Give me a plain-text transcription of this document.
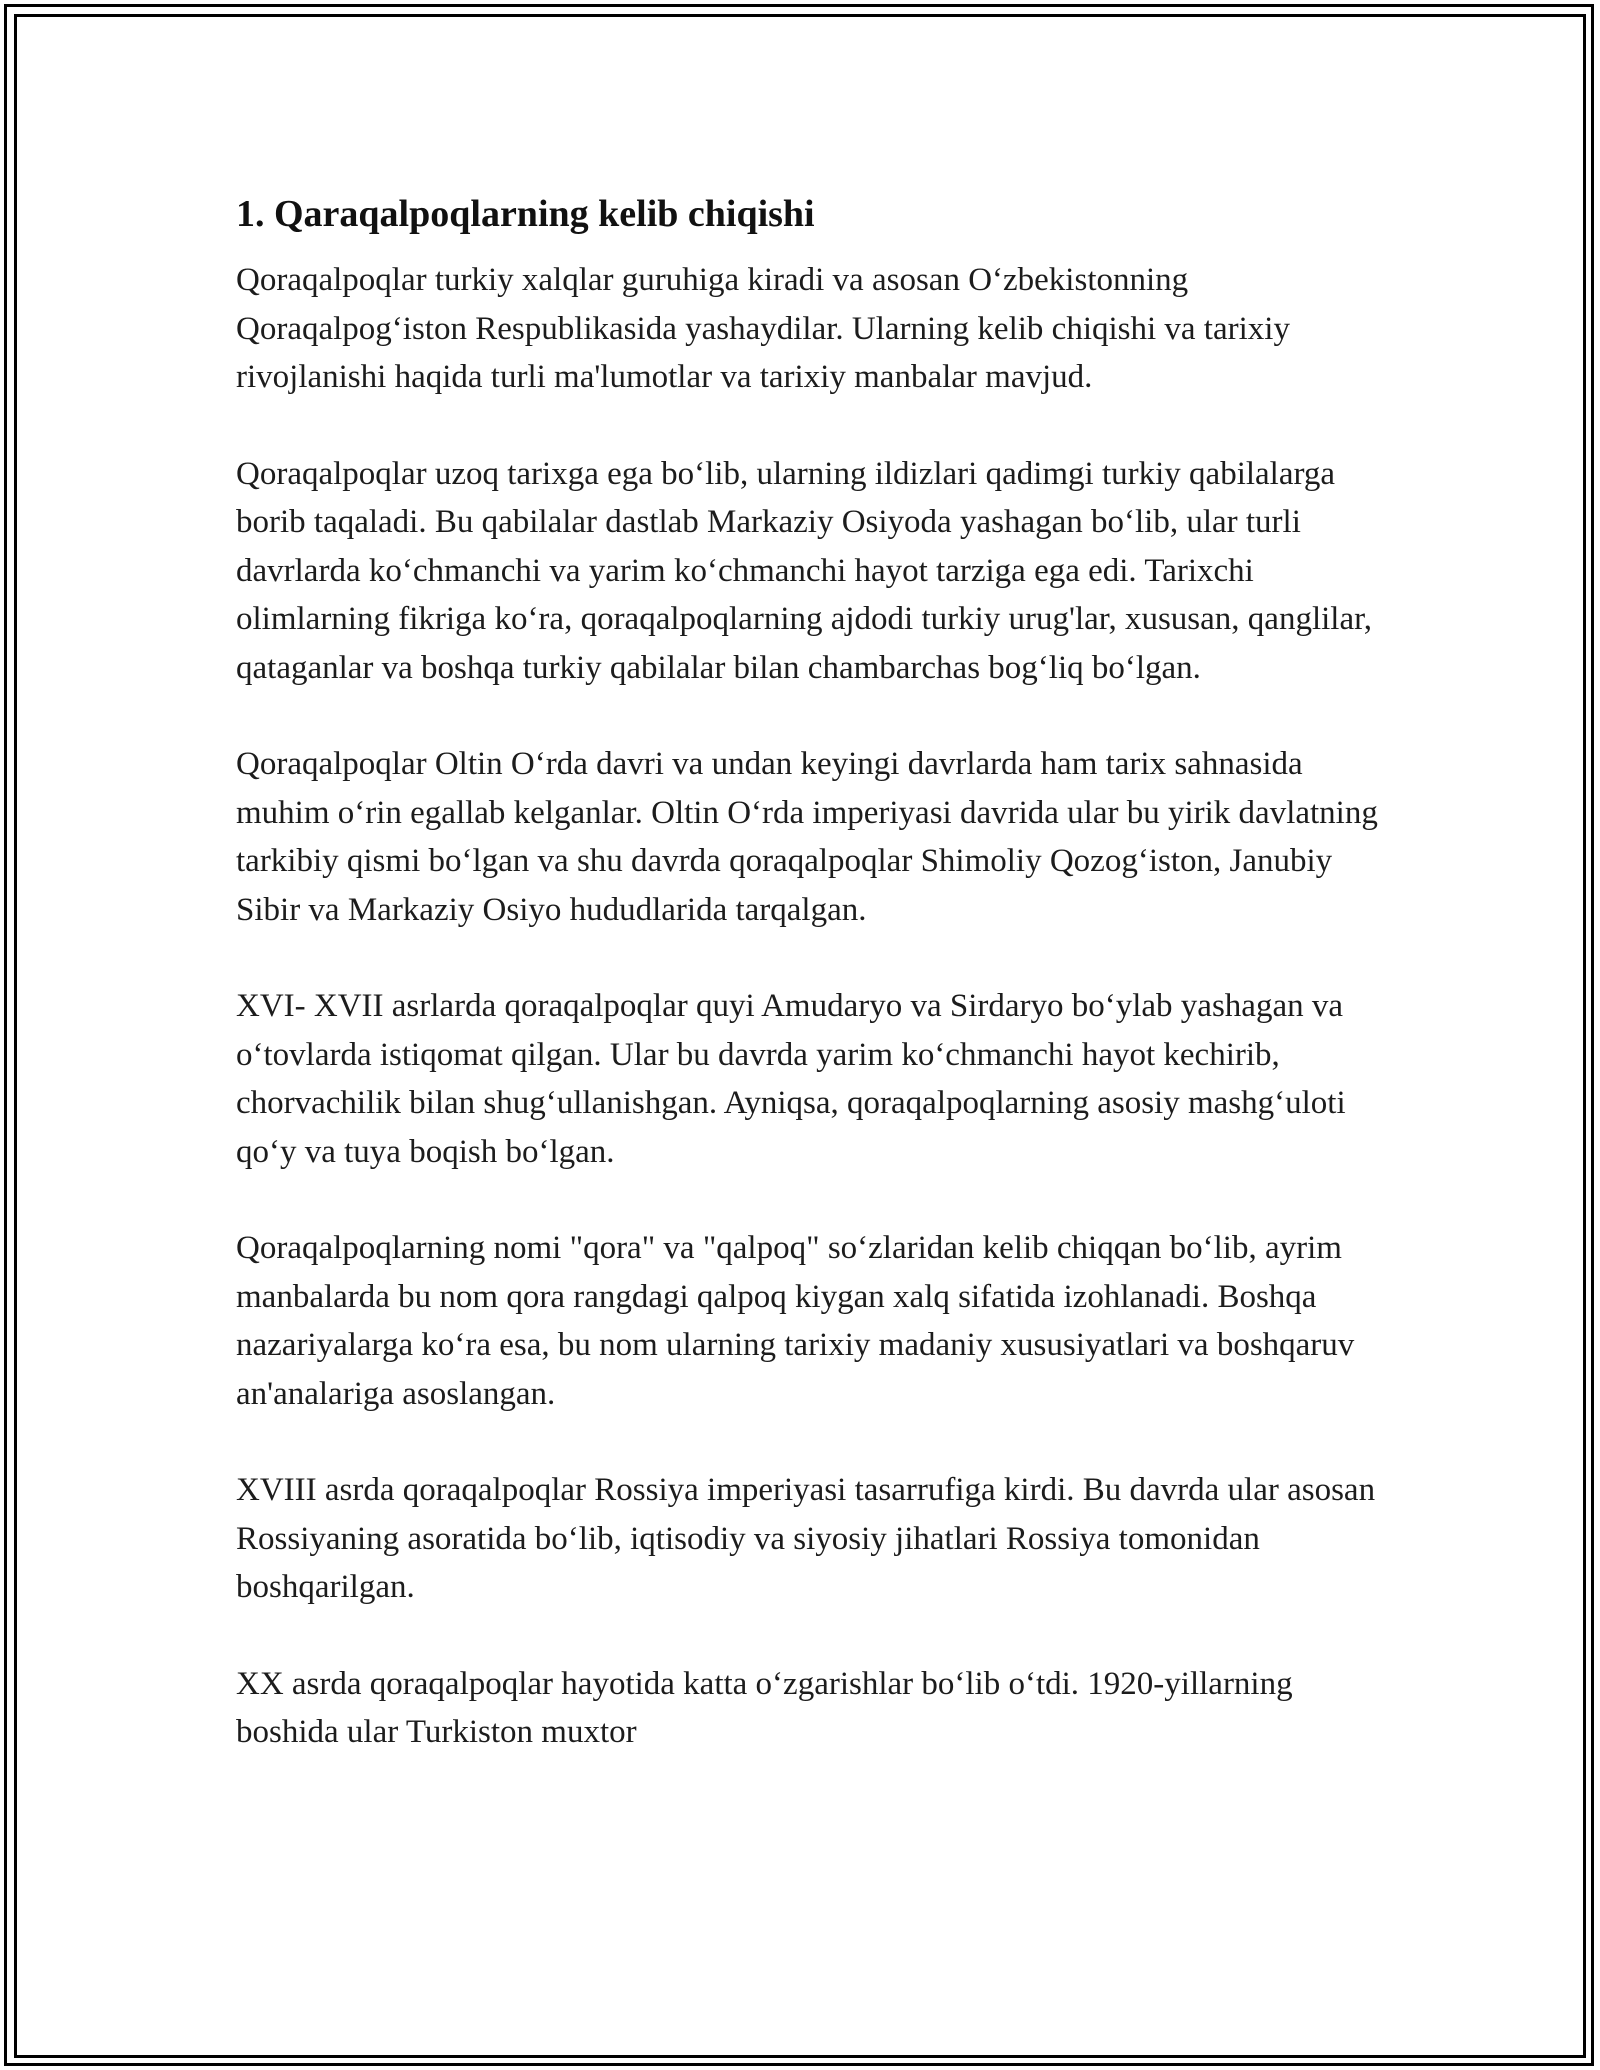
1. Qaraqalpoqlarning kelib chiqishi

Qoraqalpoqlar turkiy xalqlar guruhiga kiradi va asosan O‘zbekistonning Qoraqalpog‘iston Respublikasida yashaydilar. Ularning kelib chiqishi va tarixiy rivojlanishi haqida turli ma'lumotlar va tarixiy manbalar mavjud.

Qoraqalpoqlar uzoq tarixga ega bo‘lib, ularning ildizlari qadimgi turkiy qabilalarga borib taqaladi. Bu qabilalar dastlab Markaziy Osiyoda yashagan bo‘lib, ular turli davrlarda ko‘chmanchi va yarim ko‘chmanchi hayot tarziga ega edi. Tarixchi olimlarning fikriga ko‘ra, qoraqalpoqlarning ajdodi turkiy urug'lar, xususan, qanglilar, qataganlar va boshqa turkiy qabilalar bilan chambarchas bog‘liq bo‘lgan.

Qoraqalpoqlar Oltin O‘rda davri va undan keyingi davrlarda ham tarix sahnasida muhim o‘rin egallab kelganlar. Oltin O‘rda imperiyasi davrida ular bu yirik davlatning tarkibiy qismi bo‘lgan va shu davrda qoraqalpoqlar Shimoliy Qozog‘iston, Janubiy Sibir va Markaziy Osiyo hududlarida tarqalgan.

XVI- XVII asrlarda qoraqalpoqlar quyi Amudaryo va Sirdaryo bo‘ylab yashagan va o‘tovlarda istiqomat qilgan. Ular bu davrda yarim ko‘chmanchi hayot kechirib, chorvachilik bilan shug‘ullanishgan. Ayniqsa, qoraqalpoqlarning asosiy mashg‘uloti qo‘y va tuya boqish bo‘lgan.

Qoraqalpoqlarning nomi "qora" va "qalpoq" so‘zlaridan kelib chiqqan bo‘lib, ayrim manbalarda bu nom qora rangdagi qalpoq kiygan xalq sifatida izohlanadi. Boshqa nazariyalarga ko‘ra esa, bu nom ularning tarixiy madaniy xususiyatlari va boshqaruv an'analariga asoslangan.

XVIII asrda qoraqalpoqlar Rossiya imperiyasi tasarrufiga kirdi. Bu davrda ular asosan Rossiyaning asoratida bo‘lib, iqtisodiy va siyosiy jihatlari Rossiya tomonidan boshqarilgan.

XX asrda qoraqalpoqlar hayotida katta o‘zgarishlar bo‘lib o‘tdi. 1920-yillarning boshida ular Turkiston muxtor
